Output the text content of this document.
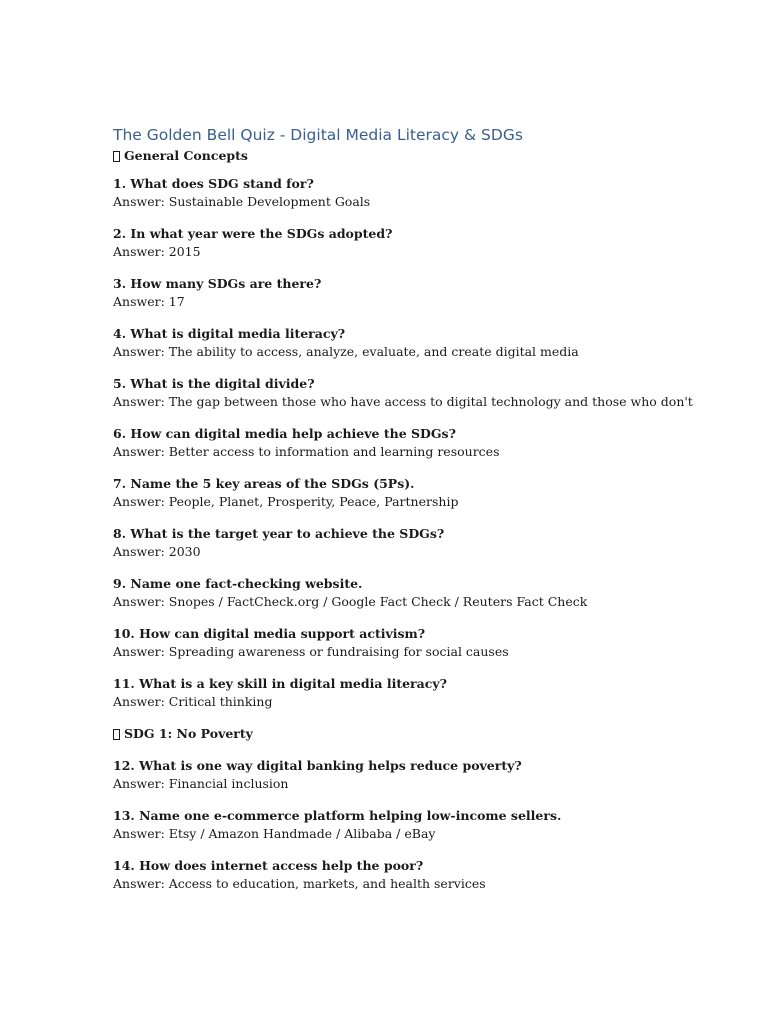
The Golden Bell Quiz - Digital Media Literacy & SDGs
General Concepts
1. What does SDG stand for?
Answer: Sustainable Development Goals
2. In what year were the SDGs adopted?
Answer: 2015
3. How many SDGs are there?
Answer: 17
4. What is digital media literacy?
Answer: The ability to access, analyze, evaluate, and create digital media
5. What is the digital divide?
Answer: The gap between those who have access to digital technology and those who don't
6. How can digital media help achieve the SDGs?
Answer: Better access to information and learning resources
7. Name the 5 key areas of the SDGs (5Ps).
Answer: People, Planet, Prosperity, Peace, Partnership
8. What is the target year to achieve the SDGs?
Answer: 2030
9. Name one fact-checking website.
Answer: Snopes / FactCheck.org / Google Fact Check / Reuters Fact Check
10. How can digital media support activism?
Answer: Spreading awareness or fundraising for social causes
11. What is a key skill in digital media literacy?
Answer: Critical thinking
SDG 1: No Poverty
12. What is one way digital banking helps reduce poverty?
Answer: Financial inclusion
13. Name one e-commerce platform helping low-income sellers.
Answer: Etsy / Amazon Handmade / Alibaba / eBay
14. How does internet access help the poor?
Answer: Access to education, markets, and health services
